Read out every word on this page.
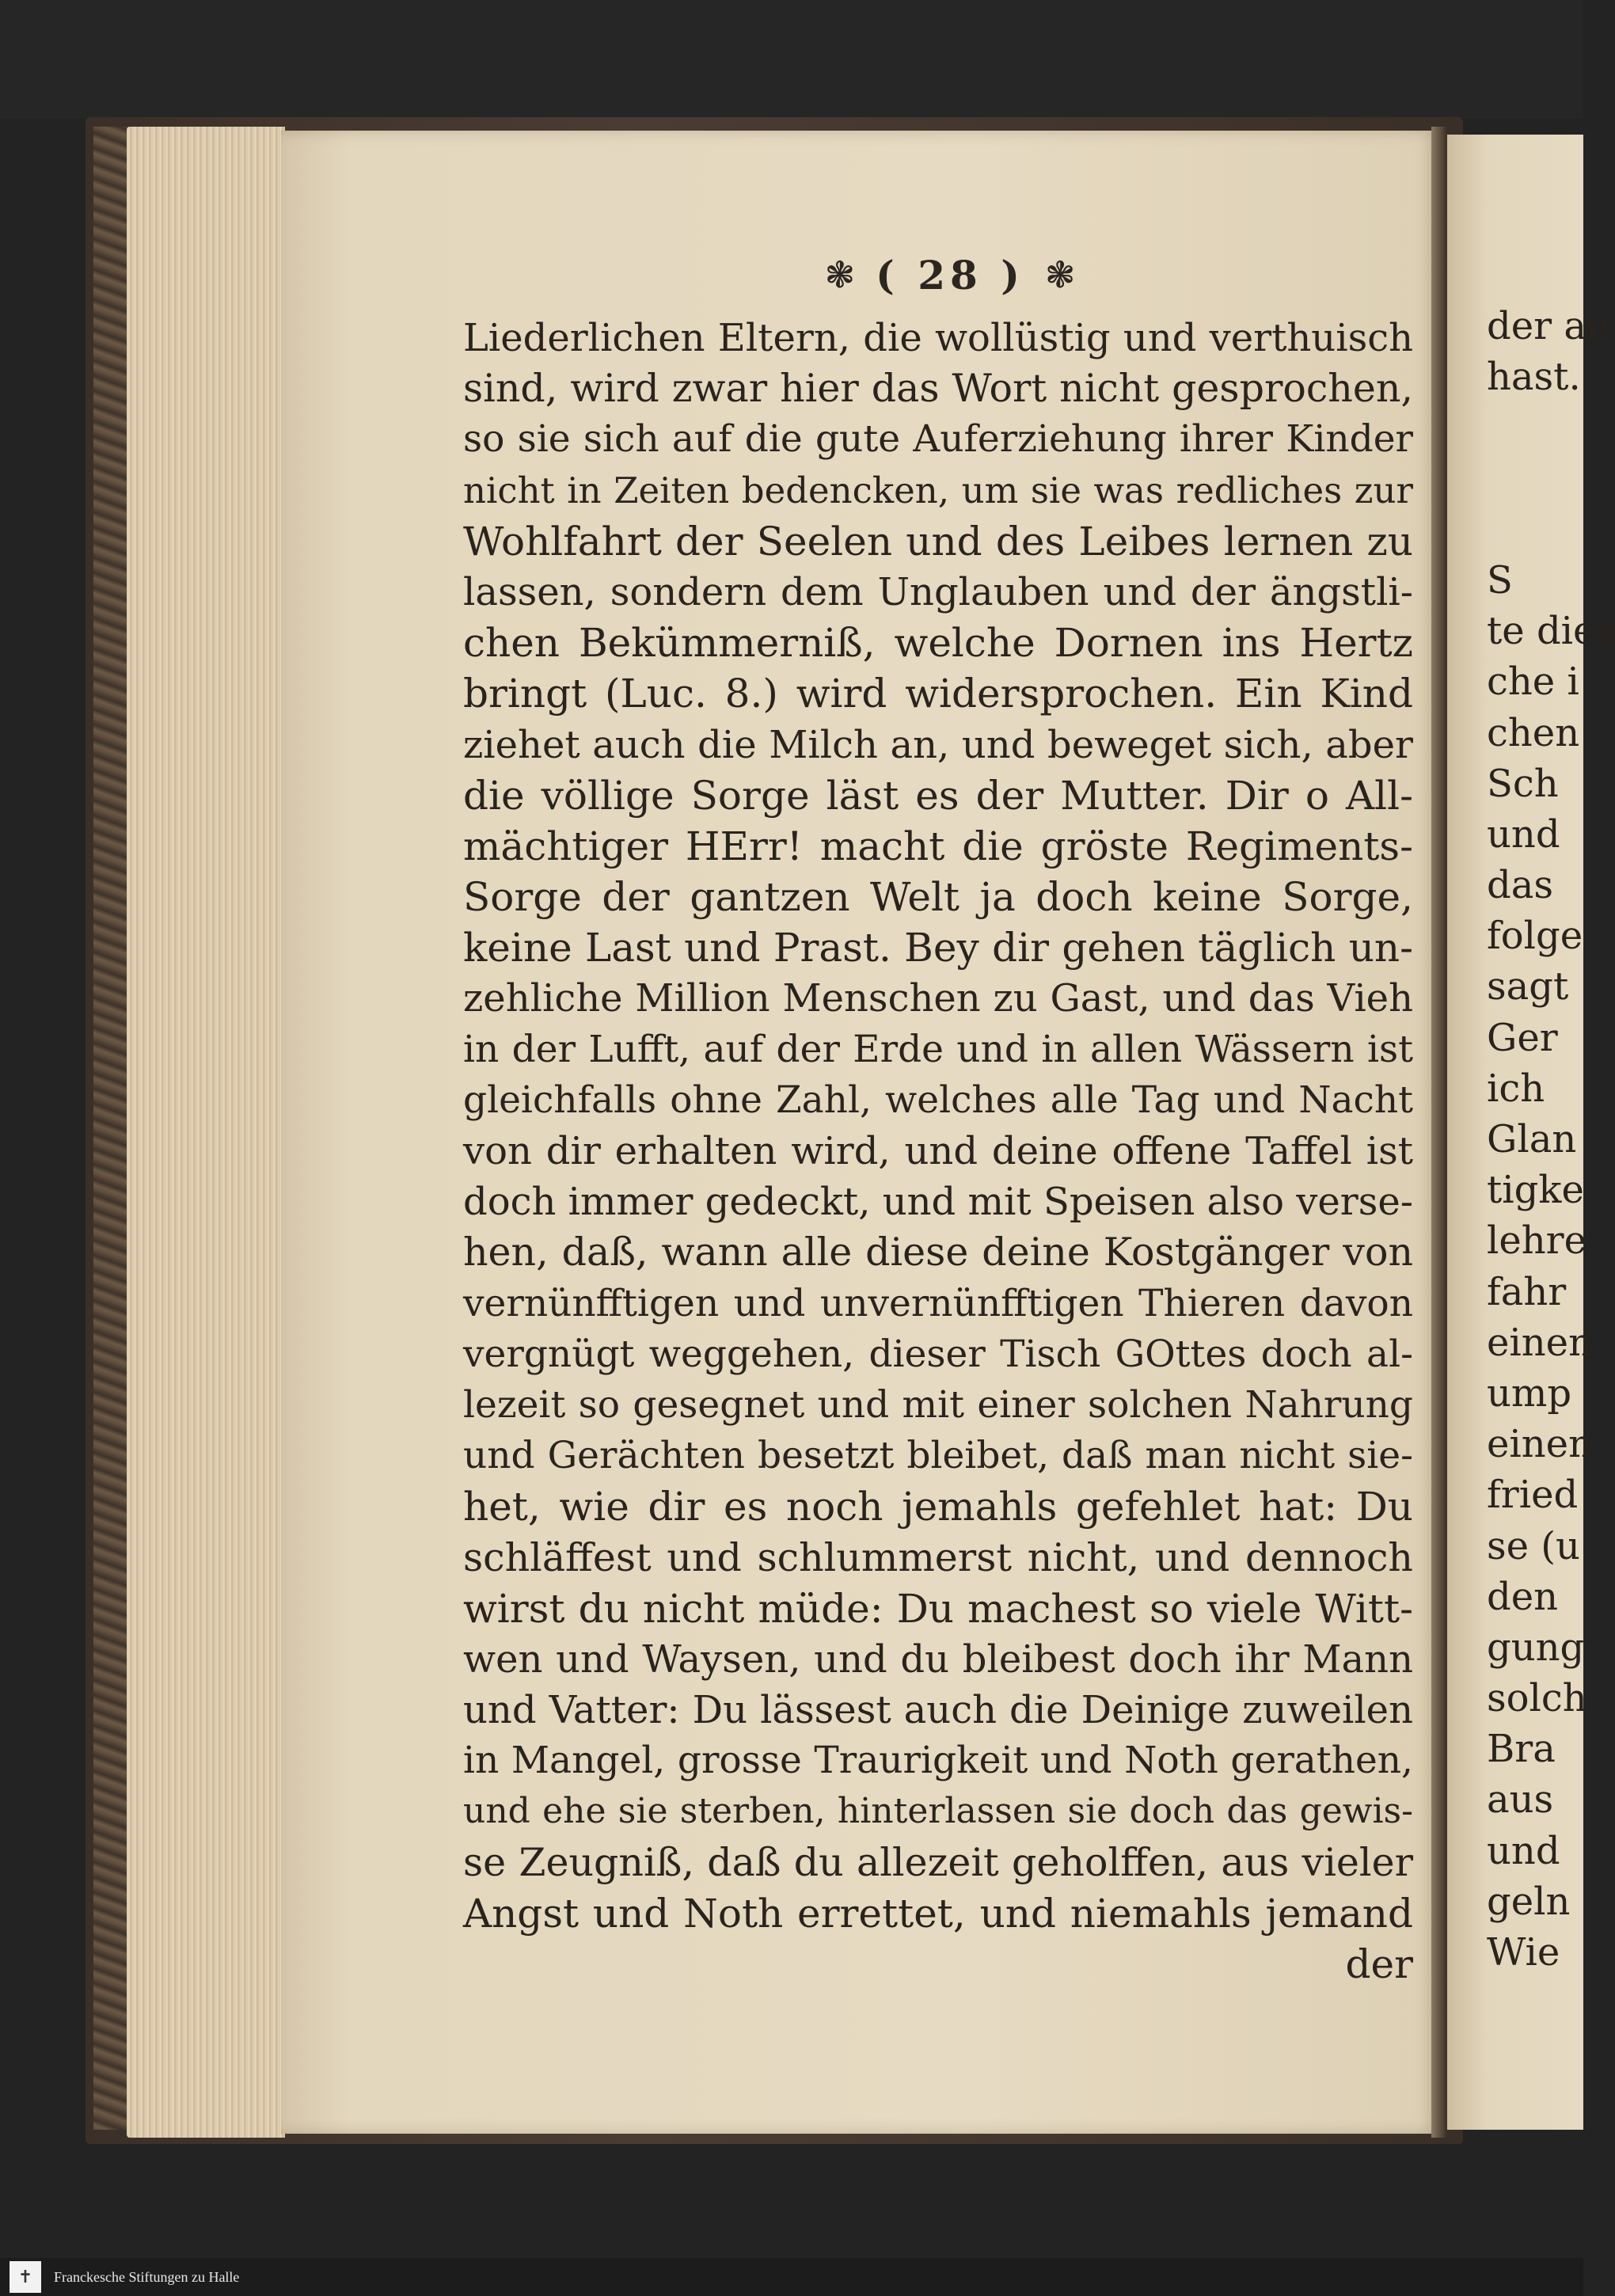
❃ ( 28 ) ❃
Liederlichen Eltern, die wollüstig und verthuisch
sind, wird zwar hier das Wort nicht gesprochen,
so sie sich auf die gute Auferziehung ihrer Kinder
nicht in Zeiten bedencken, um sie was redliches zur
Wohlfahrt der Seelen und des Leibes lernen zu
lassen, sondern dem Unglauben und der ängstli-
chen Bekümmerniß, welche Dornen ins Hertz
bringt (Luc. 8.) wird widersprochen. Ein Kind
ziehet auch die Milch an, und beweget sich, aber
die völlige Sorge läst es der Mutter. Dir o All-
mächtiger HErr! macht die gröste Regiments-
Sorge der gantzen Welt ja doch keine Sorge,
keine Last und Prast. Bey dir gehen täglich un-
zehliche Million Menschen zu Gast, und das Vieh
in der Lufft, auf der Erde und in allen Wässern ist
gleichfalls ohne Zahl, welches alle Tag und Nacht
von dir erhalten wird, und deine offene Taffel ist
doch immer gedeckt, und mit Speisen also verse-
hen, daß, wann alle diese deine Kostgänger von
vernünfftigen und unvernünfftigen Thieren davon
vergnügt weggehen, dieser Tisch GOttes doch al-
lezeit so gesegnet und mit einer solchen Nahrung
und Gerächten besetzt bleibet, daß man nicht sie-
het, wie dir es noch jemahls gefehlet hat: Du
schläffest und schlummerst nicht, und dennoch
wirst du nicht müde: Du machest so viele Witt-
wen und Waysen, und du bleibest doch ihr Mann
und Vatter: Du lässest auch die Deinige zuweilen
in Mangel, grosse Traurigkeit und Noth gerathen,
und ehe sie sterben, hinterlassen sie doch das gewis-
se Zeugniß, daß du allezeit geholffen, aus vieler
Angst und Noth errettet, und niemahls jemand
der
der an
hast.
S
te dies
che i
chen
Sch
und
das
folge
sagt
Ger
ich
Glan
tigke
lehre
fahr
einen
ump
einen
fried
se (u
den
gung
solch
Bra
aus
und
geln
Wie
✝	Franckesche Stiftungen zu Halle
